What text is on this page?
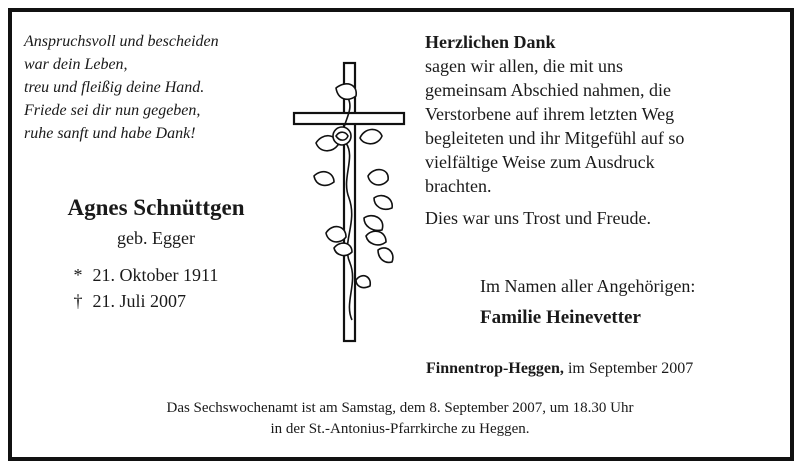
Anspruchsvoll und bescheiden
war dein Leben,
treu und fleißig deine Hand.
Friede sei dir nun gegeben,
ruhe sanft und habe Dank!
Agnes Schnüttgen
geb. Egger
* 21. Oktober 1911
† 21. Juli 2007
Herzlichen Dank
sagen wir allen, die mit uns
gemeinsam Abschied nahmen, die
Verstorbene auf ihrem letzten Weg
begleiteten und ihr Mitgefühl auf so
vielfältige Weise zum Ausdruck
brachten.
Dies war uns Trost und Freude.
Im Namen aller Angehörigen:
Familie Heinevetter
Finnentrop-Heggen, im September 2007
Das Sechswochenamt ist am Samstag, dem 8. September 2007, um 18.30 Uhr
in der St.-Antonius-Pfarrkirche zu Heggen.
